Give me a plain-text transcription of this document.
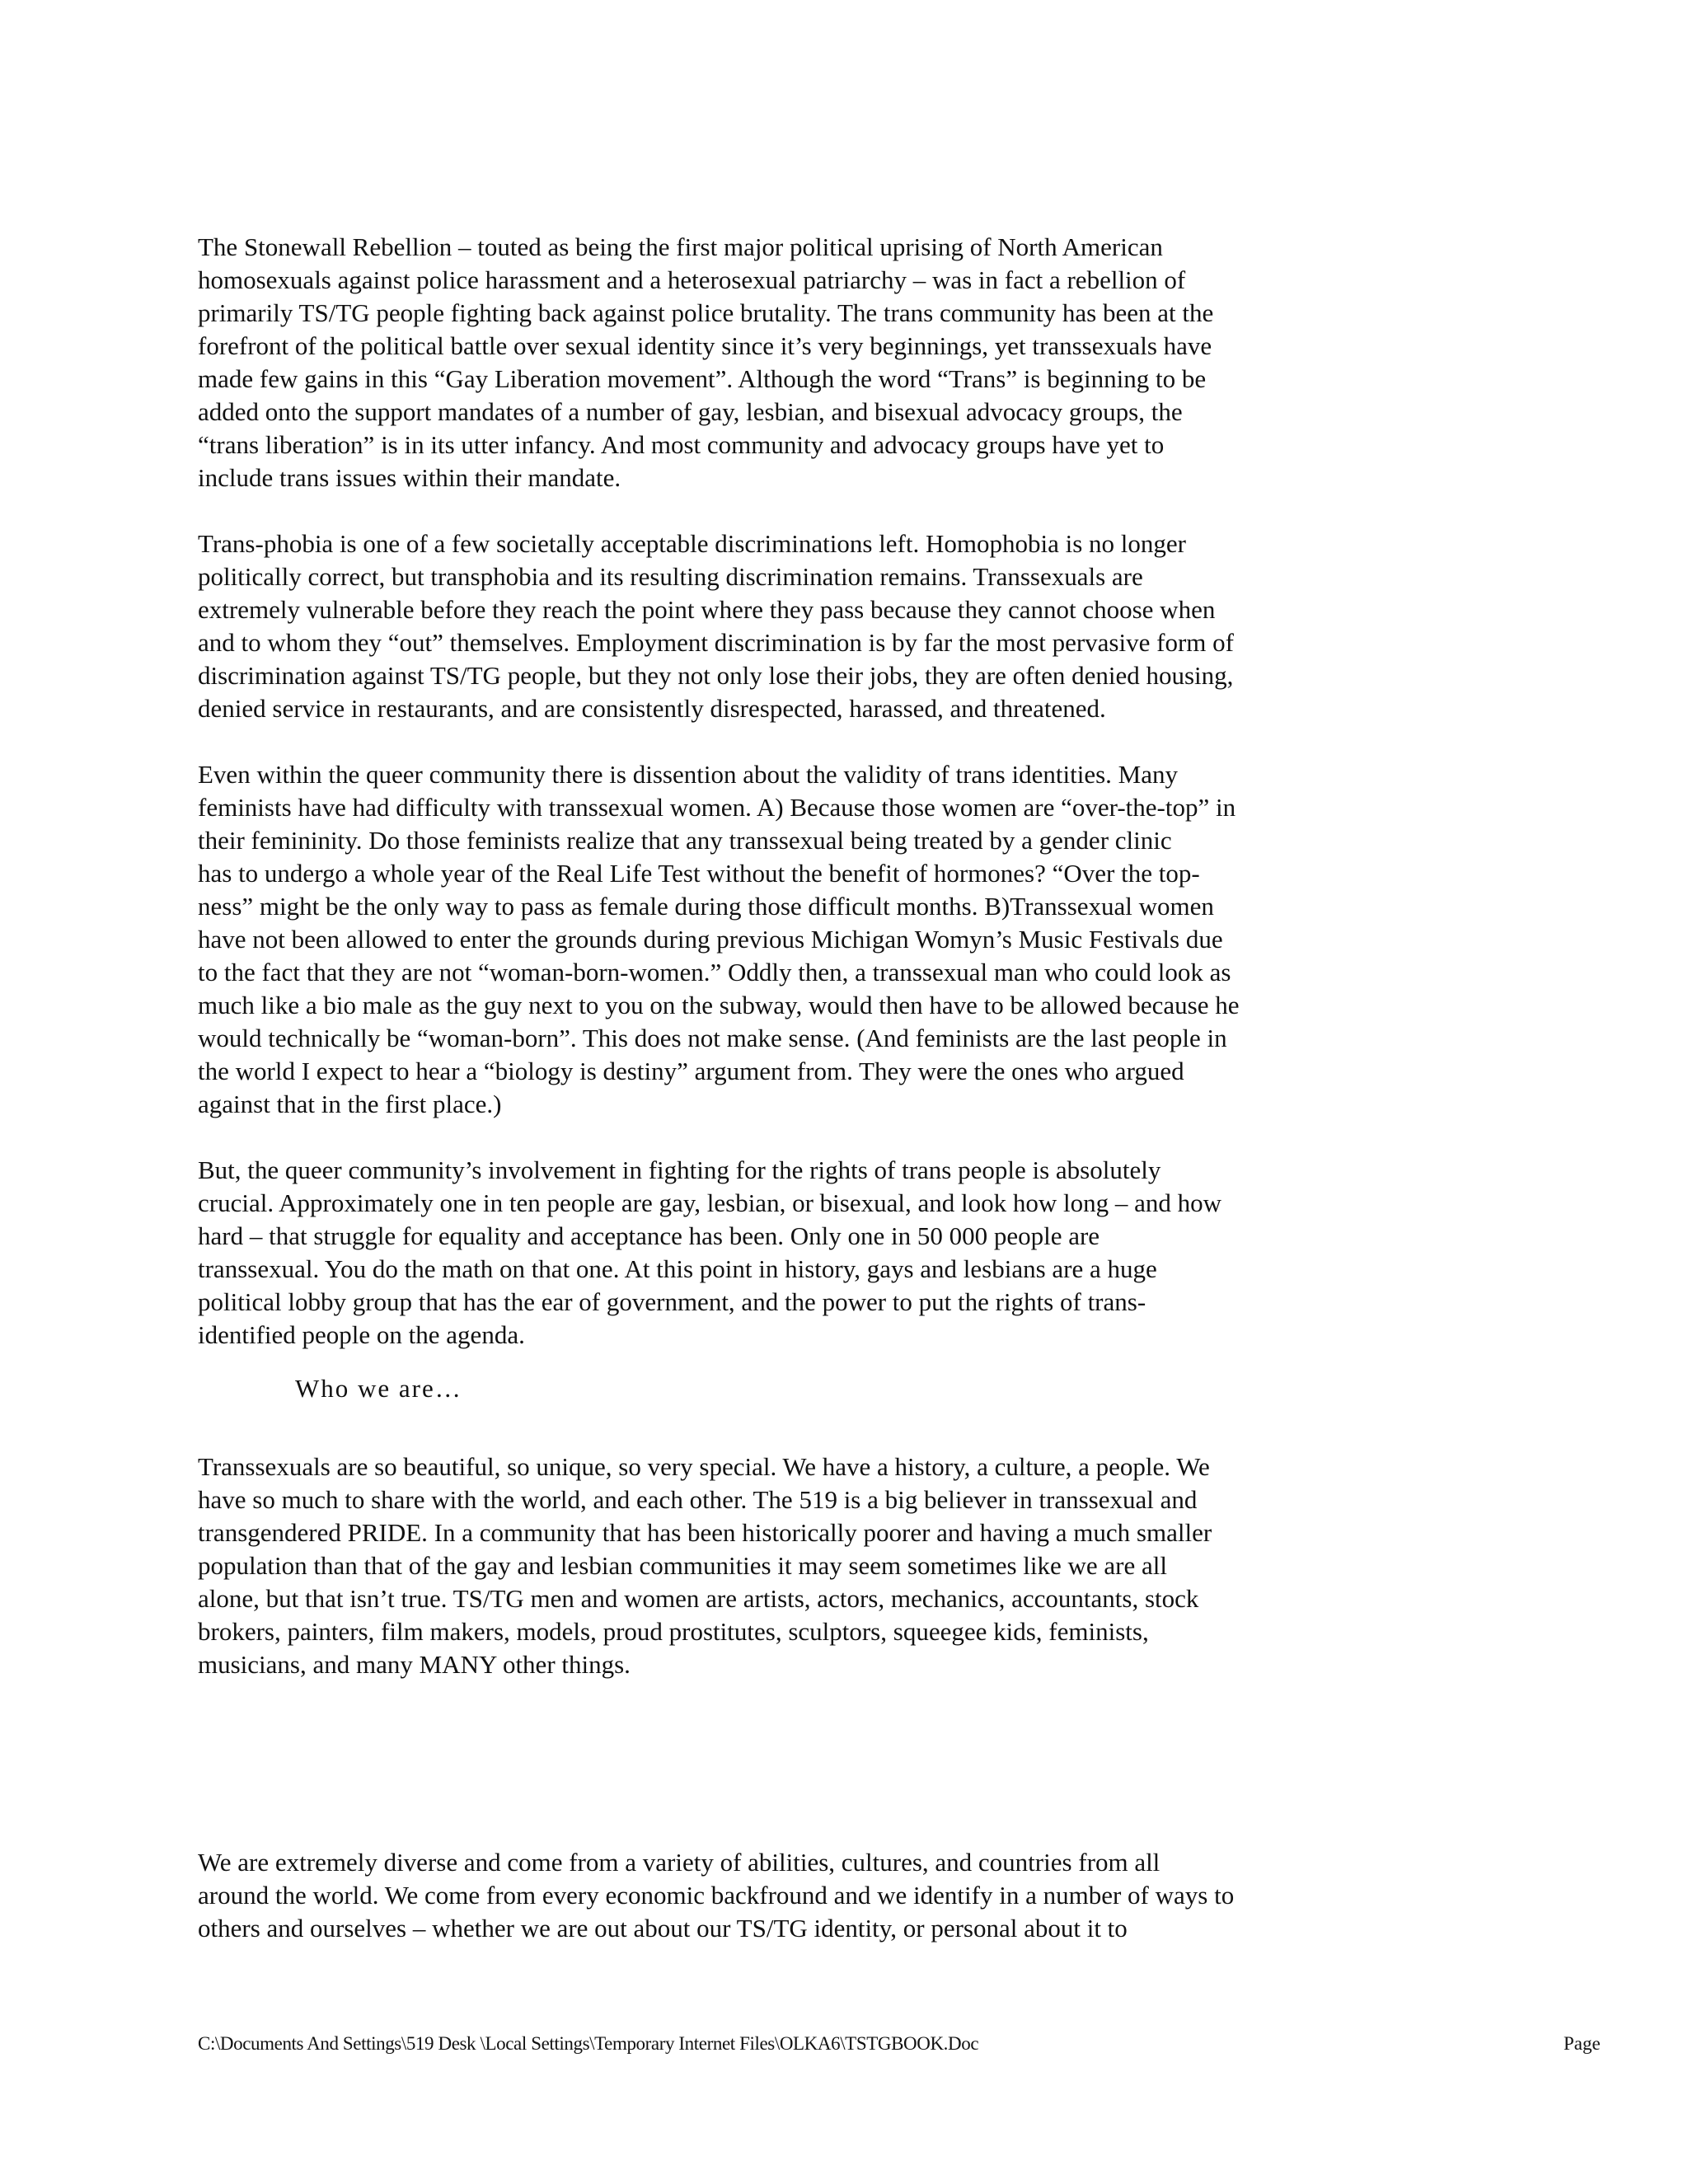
The Stonewall Rebellion – touted as being the first major political uprising of North American
homosexuals against police harassment and a heterosexual patriarchy – was in fact a rebellion of
primarily TS/TG people fighting back against police brutality. The trans community has been at the
forefront of the political battle over sexual identity since it’s very beginnings, yet transsexuals have
made few gains in this “Gay Liberation movement”. Although the word “Trans” is beginning to be
added onto the support mandates of a number of gay, lesbian, and bisexual advocacy groups, the
“trans liberation” is in its utter infancy. And most community and advocacy groups have yet to
include trans issues within their mandate.

Trans-phobia is one of a few societally acceptable discriminations left. Homophobia is no longer
politically correct, but transphobia and its resulting discrimination remains. Transsexuals are
extremely vulnerable before they reach the point where they pass because they cannot choose when
and to whom they “out” themselves. Employment discrimination is by far the most pervasive form of
discrimination against TS/TG people, but they not only lose their jobs, they are often denied housing,
denied service in restaurants, and are consistently disrespected, harassed, and threatened.

Even within the queer community there is dissention about the validity of trans identities. Many
feminists have had difficulty with transsexual women. A) Because those women are “over-the-top” in
their femininity. Do those feminists realize that any transsexual being treated by a gender clinic
has to undergo a whole year of the Real Life Test without the benefit of hormones? “Over the top-
ness” might be the only way to pass as female during those difficult months. B)Transsexual women
have not been allowed to enter the grounds during previous Michigan Womyn’s Music Festivals due
to the fact that they are not “woman-born-women.” Oddly then, a transsexual man who could look as
much like a bio male as the guy next to you on the subway, would then have to be allowed because he
would technically be “woman-born”. This does not make sense. (And feminists are the last people in
the world I expect to hear a “biology is destiny” argument from. They were the ones who argued
against that in the first place.)

But, the queer community’s involvement in fighting for the rights of trans people is absolutely
crucial. Approximately one in ten people are gay, lesbian, or bisexual, and look how long – and how
hard – that struggle for equality and acceptance has been. Only one in 50 000 people are
transsexual. You do the math on that one. At this point in history, gays and lesbians are a huge
political lobby group that has the ear of government, and the power to put the rights of trans-
identified people on the agenda.

Who we are…

Transsexuals are so beautiful, so unique, so very special. We have a history, a culture, a people. We
have so much to share with the world, and each other. The 519 is a big believer in transsexual and
transgendered PRIDE. In a community that has been historically poorer and having a much smaller
population than that of the gay and lesbian communities it may seem sometimes like we are all
alone, but that isn’t true. TS/TG men and women are artists, actors, mechanics, accountants, stock
brokers, painters, film makers, models, proud prostitutes, sculptors, squeegee kids, feminists,
musicians, and many MANY other things.

We are extremely diverse and come from a variety of abilities, cultures, and countries from all
around the world. We come from every economic backfround and we identify in a number of ways to
others and ourselves – whether we are out about our TS/TG identity, or personal about it to

C:\Documents And Settings\519 Desk \Local Settings\Temporary Internet Files\OLKA6\TSTGBOOK.Doc	Page
